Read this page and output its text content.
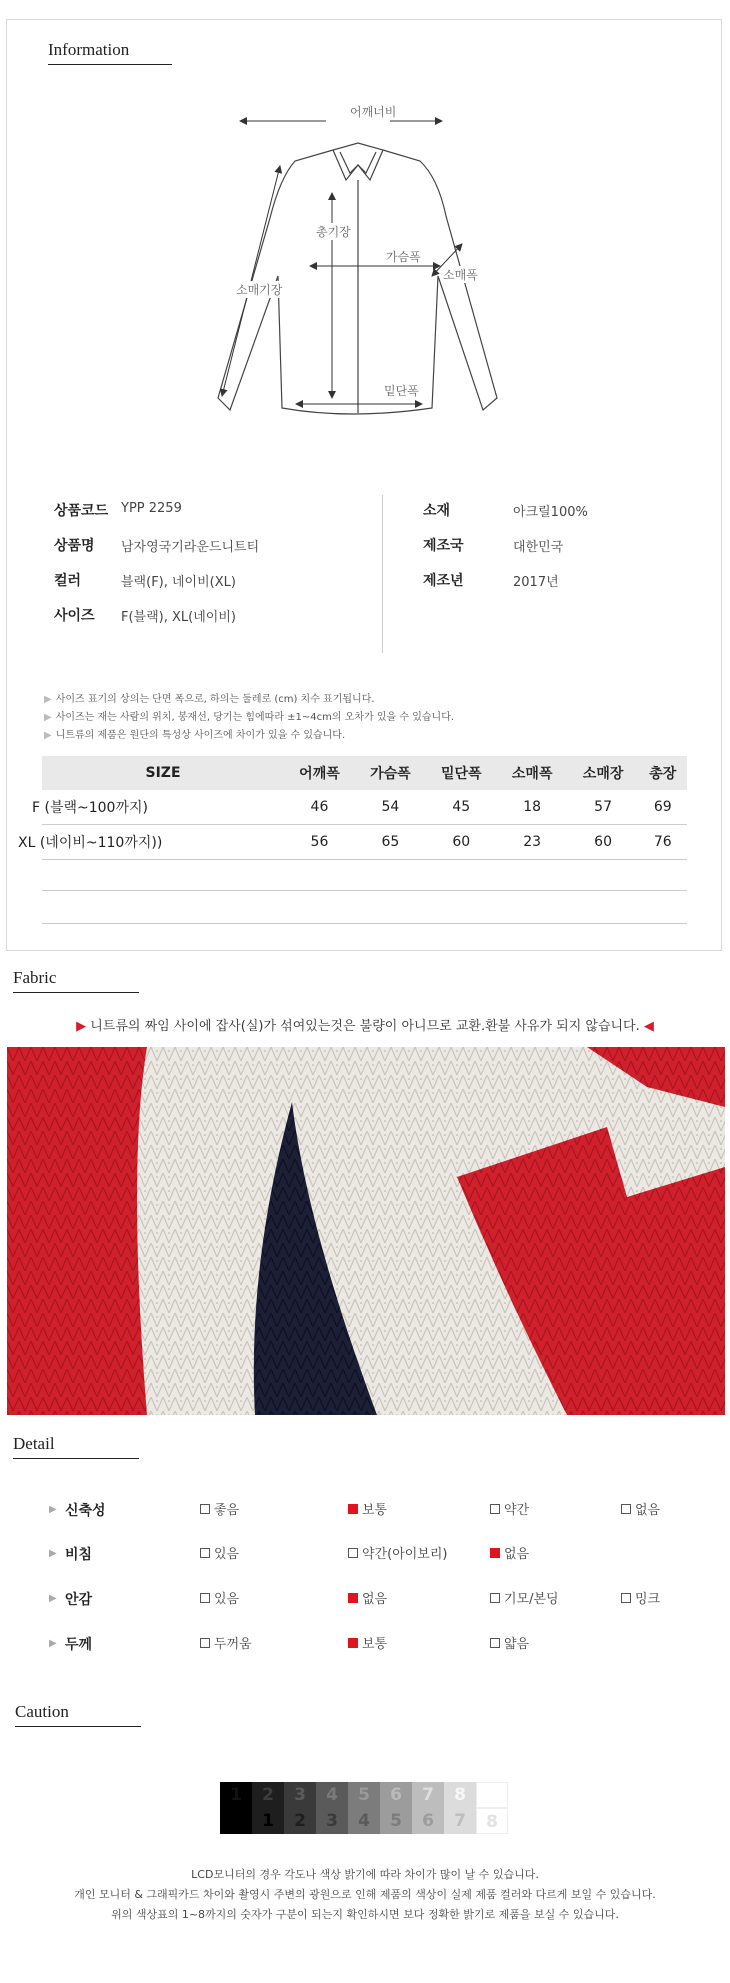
Information
어깨너비
총기장
가슴폭
소매폭
소매기장
밑단폭
상품코드 YPP 2259
상품명 남자영국기라운드니트티
컬러	블랙(F), 네이비(XL)
사이즈 F(블랙), XL(네이비)
소재	아크릴100%
제조국	대한민국
제조년	2017년
▶ 사이즈 표기의 상의는 단면 폭으로, 하의는 둘레로 (cm) 치수 표기됩니다.
▶ 사이즈는 재는 사람의 위치, 봉재선, 당기는 힘에따라 ±1~4cm의 오차가 있을 수 있습니다.
▶ 니트류의 제품은 원단의 특성상 사이즈에 차이가 있을 수 있습니다.
SIZE	어깨폭	가슴폭	밑단폭	소매폭	소매장	총장
F (블랙~100까지)	46	54	45	18	57	69
XL (네이비~110까지))	56	65	60	23	60	76
Fabric
▶ 니트류의 짜임 사이에 잡사(실)가 섞여있는것은 불량이 아니므로 교환.환불 사유가 되지 않습니다. ◀
Detail
▶ 신축성	좋음	보통	약간	없음
▶ 비침	있음	약간(아이보리)	없음
▶ 안감	있음	없음	기모/본딩	밍크
▶ 두께	두꺼움	보통	얇음
Caution
1	2	3	4	5	6	7	8
1	2	3	4	5	6	7	8
LCD모니터의 경우 각도나 색상 밝기에 따라 차이가 많이 날 수 있습니다.
개인 모니터 & 그래픽카드 차이와 촬영시 주변의 광원으로 인해 제품의 색상이 실제 제품 컬러와 다르게 보일 수 있습니다.
위의 색상표의 1~8까지의 숫자가 구분이 되는지 확인하시면 보다 정확한 밝기로 제품을 보실 수 있습니다.
